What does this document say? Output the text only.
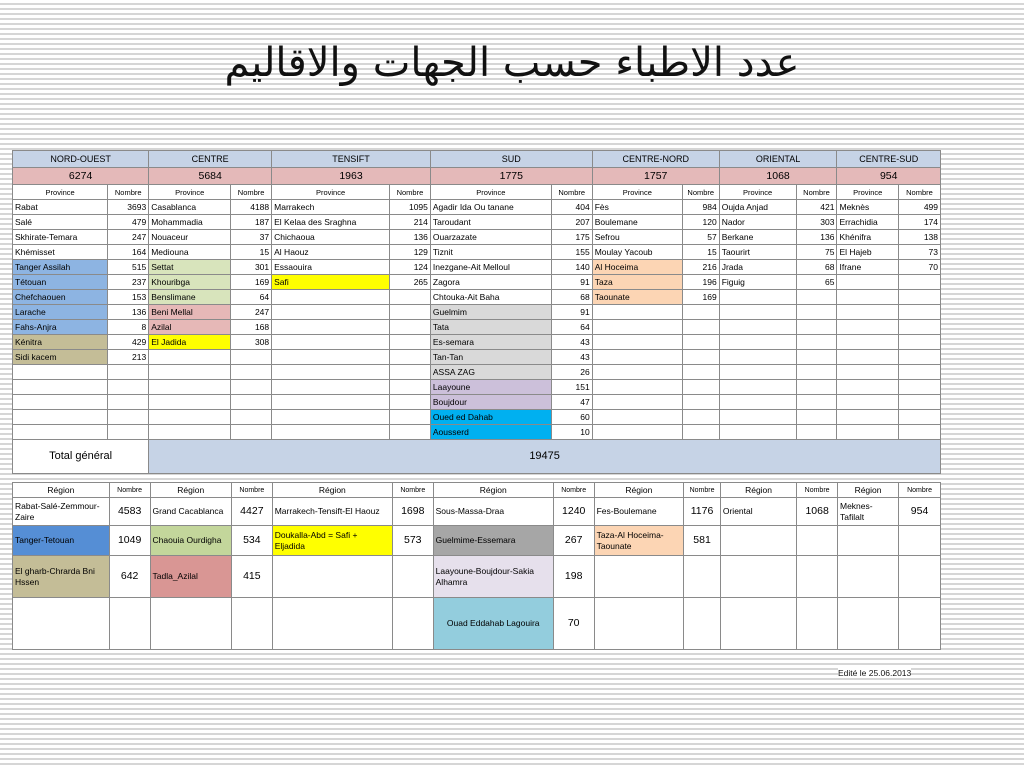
عدد الاطباء حسب الجهات والاقاليم
NORD-OUEST		CENTRE		TENSIFT		SUD		CENTRE-NORD		ORIENTAL		CENTRE-SUD	
6274		5684		1963		1775		1757		1068		954	
Province	Nombre	Province	Nombre	Province	Nombre	Province	Nombre	Province	Nombre	Province	Nombre	Province	Nombre
Rabat	3693	Casablanca	4188	Marrakech	1095	Agadir Ida Ou tanane	404	Fès	984	Oujda Anjad	421	Meknès	499
Salé	479	Mohammadia	187	El Kelaa des Sraghna	214	Taroudant	207	Boulemane	120	Nador	303	Errachidia	174
Skhirate-Temara	247	Nouaceur	37	Chichaoua	136	Ouarzazate	175	Sefrou	57	Berkane	136	Khénifra	138
Khémisset	164	Mediouna	15	Al Haouz	129	Tiznit	155	Moulay Yacoub	15	Taourirt	75	El Hajeb	73
Tanger Assilah	515	Settat	301	Essaouira	124	Inezgane-Ait Melloul	140	Al Hoceima	216	Jrada	68	Ifrane	70
Tétouan	237	Khouribga	169	Safi	265	Zagora	91	Taza	196	Figuig	65		
Chefchaouen	153	Benslimane	64			Chtouka-Ait Baha	68	Taounate	169				
Larache	136	Beni Mellal	247			Guelmim	91						
Fahs-Anjra	8	Azilal	168			Tata	64						
Kénitra	429	El Jadida	308			Es-semara	43						
Sidi kacem	213					Tan-Tan	43						
						ASSA ZAG	26						
						Laayoune	151						
						Boujdour	47						
						Oued ed Dahab	60						
						Aousserd	10						
Total général		19475											
Région	Nombre	Région	Nombre	Région	Nombre	Région	Nombre	Région	Nombre	Région	Nombre	Région	Nombre
Rabat-Salé-Zemmour-Zaire	4583	Grand Cacablanca	4427	Marrakech-Tensift-El Haouz	1698	Sous-Massa-Draa	1240	Fes-Boulemane	1176	Oriental	1068	Meknes-Tafilalt	954
Tanger-Tetouan	1049	Chaouia Ourdigha	534	Doukalla-Abd = Safi + Eljadida	573	Guelmime-Essemara	267	Taza-Al Hoceima-Taounate	581				
El gharb-Chrarda Bni Hssen	642	Tadla_Azilal	415			Laayoune-Boujdour-Sakia Alhamra	198						
						Ouad Eddahab Lagouira	70						
Edité le 25.06.2013
